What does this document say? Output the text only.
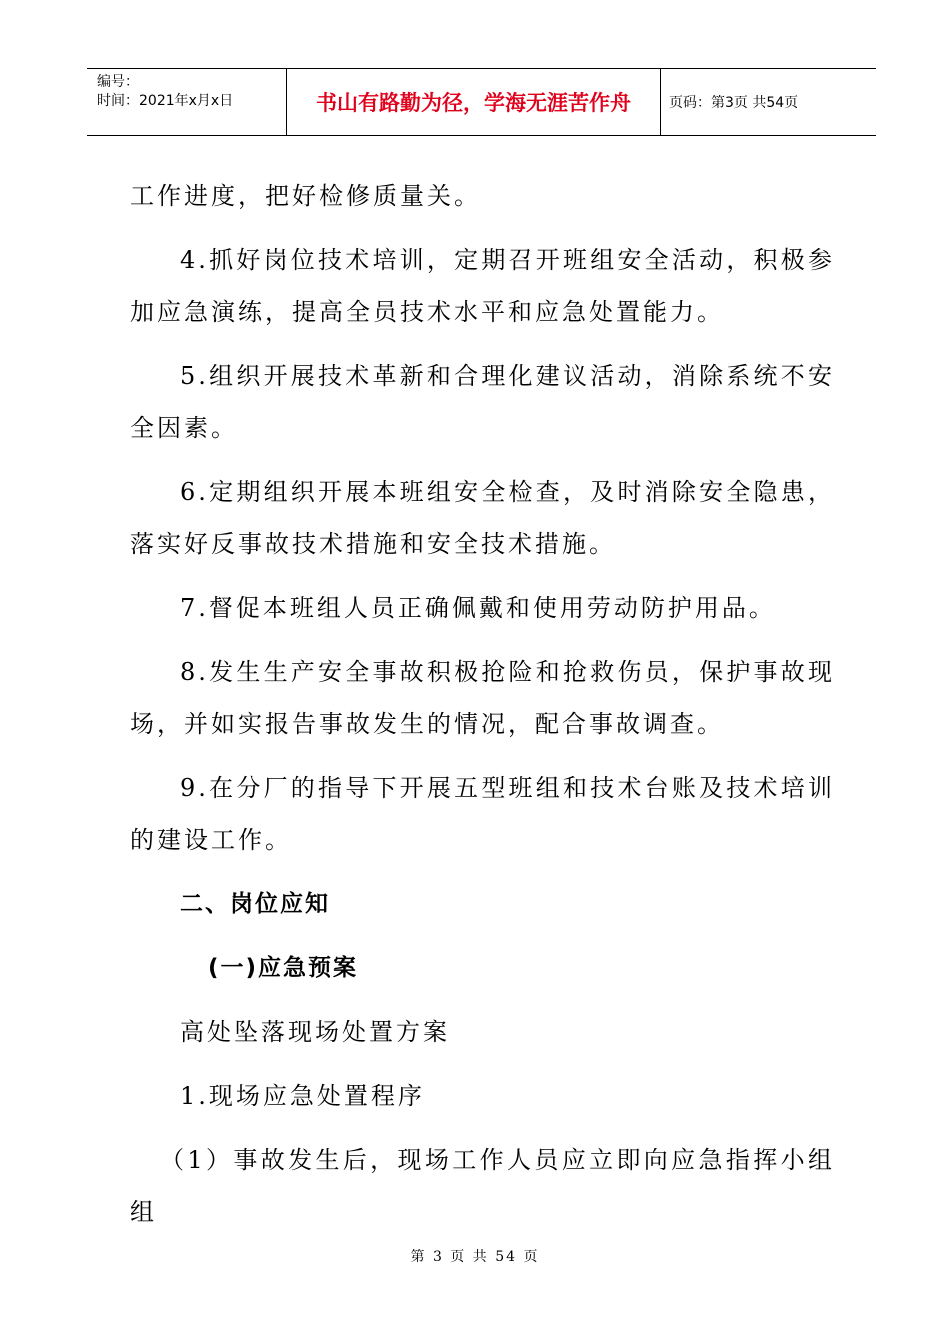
编号：
时间：2021年x月x日	书山有路勤为径，学海无涯苦作舟	页码：第3页 共54页

工作进度，把好检修质量关。

4.抓好岗位技术培训，定期召开班组安全活动，积极参加应急演练，提高全员技术水平和应急处置能力。

5.组织开展技术革新和合理化建议活动，消除系统不安全因素。

6.定期组织开展本班组安全检查，及时消除安全隐患，落实好反事故技术措施和安全技术措施。

7.督促本班组人员正确佩戴和使用劳动防护用品。

8.发生生产安全事故积极抢险和抢救伤员，保护事故现场，并如实报告事故发生的情况，配合事故调查。

9.在分厂的指导下开展五型班组和技术台账及技术培训的建设工作。

二、岗位应知
(一)应急预案

高处坠落现场处置方案

1.现场应急处置程序

（1）事故发生后，现场工作人员应立即向应急指挥小组组

第 3 页 共 54 页
